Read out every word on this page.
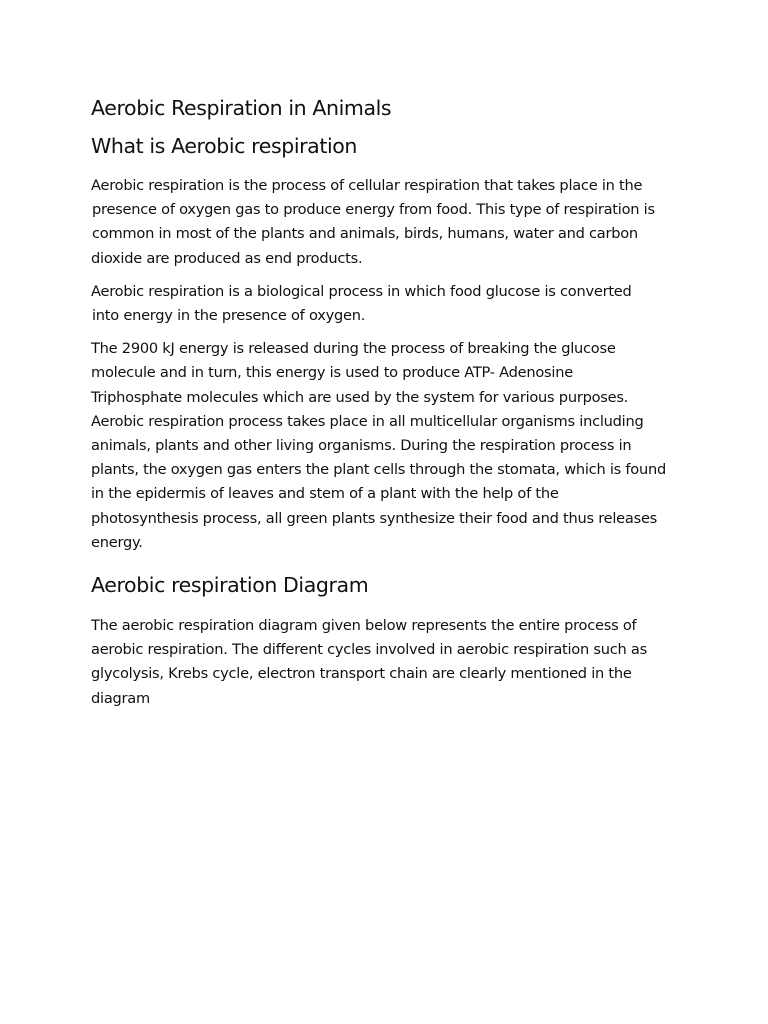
Aerobic Respiration in Animals
What is Aerobic respiration

Aerobic respiration is the process of cellular respiration that takes place in the
presence of oxygen gas to produce energy from food. This type of respiration is
common in most of the plants and animals, birds, humans, water and carbon
dioxide are produced as end products.

Aerobic respiration is a biological process in which food glucose is converted
into energy in the presence of oxygen.

The 2900 kJ energy is released during the process of breaking the glucose
molecule and in turn, this energy is used to produce ATP- Adenosine
Triphosphate molecules which are used by the system for various purposes.
Aerobic respiration process takes place in all multicellular organisms including
animals, plants and other living organisms. During the respiration process in
plants, the oxygen gas enters the plant cells through the stomata, which is found
in the epidermis of leaves and stem of a plant with the help of the
photosynthesis process, all green plants synthesize their food and thus releases
energy.

Aerobic respiration Diagram

The aerobic respiration diagram given below represents the entire process of
aerobic respiration. The different cycles involved in aerobic respiration such as
glycolysis, Krebs cycle, electron transport chain are clearly mentioned in the
diagram
